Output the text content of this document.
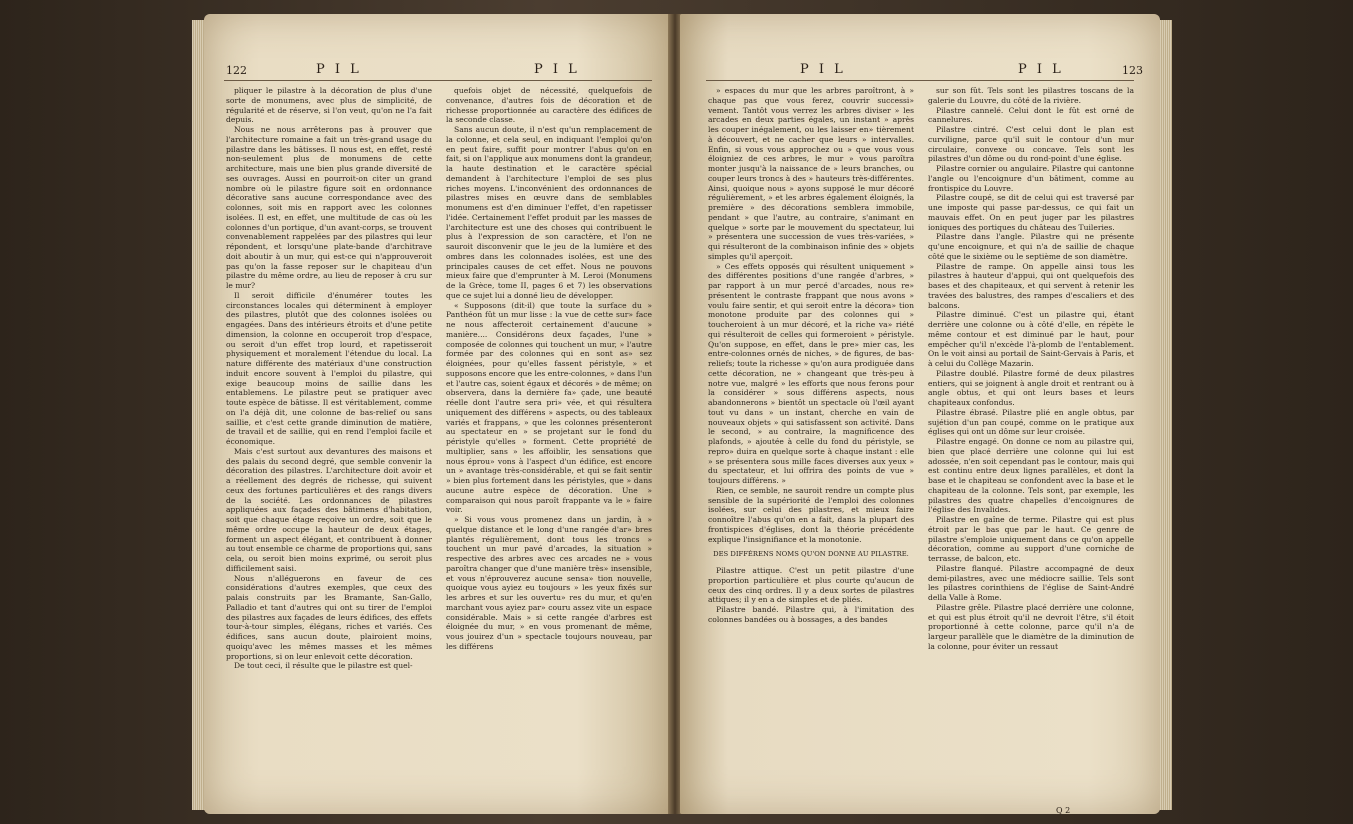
122	P I L	P I L

pliquer le pilastre à la décoration de plus d'une sorte de monumens, avec plus de simplicité, de régularité et de réserve, si l'on veut, qu'on ne l'a fait depuis.

Nous ne nous arrêterons pas à prouver que l'architecture romaine a fait un très-grand usage du pilastre dans les bâtisses. Il nous est, en effet, resté non-seulement plus de monumens de cette architecture, mais une bien plus grande diversité de ses ouvrages. Aussi en pourroit-on citer un grand nombre où le pilastre figure soit en ordonnance décorative sans aucune correspondance avec des colonnes, soit mis en rapport avec les colonnes isolées. Il est, en effet, une multitude de cas où les colonnes d'un portique, d'un avant-corps, se trouvent convenablement rappelées par des pilastres qui leur répondent, et lorsqu'une plate-bande d'architrave doit aboutir à un mur, qui est-ce qui n'approuveroit pas qu'on la fasse reposer sur le chapiteau d'un pilastre du même ordre, au lieu de reposer à cru sur le mur?

Il seroit difficile d'énumérer toutes les circonstances locales qui déterminent à employer des pilastres, plutôt que des colonnes isolées ou engagées. Dans des intérieurs étroits et d'une petite dimension, la colonne en occuperoit trop d'espace, ou seroit d'un effet trop lourd, et rapetisseroit physiquement et moralement l'étendue du local. La nature différente des matériaux d'une construction induit encore souvent à l'emploi du pilastre, qui exige beaucoup moins de saillie dans les entablemens. Le pilastre peut se pratiquer avec toute espèce de bâtisse. Il est véritablement, comme on l'a déjà dit, une colonne de bas-relief ou sans saillie, et c'est cette grande diminution de matière, de travail et de saillie, qui en rend l'emploi facile et économique.

Mais c'est surtout aux devantures des maisons et des palais du second degré, que semble convenir la décoration des pilastres. L'architecture doit avoir et a réellement des degrés de richesse, qui suivent ceux des fortunes particulières et des rangs divers de la société. Les ordonnances de pilastres appliquées aux façades des bâtimens d'habitation, soit que chaque étage reçoive un ordre, soit que le même ordre occupe la hauteur de deux étages, forment un aspect élégant, et contribuent à donner au tout ensemble ce charme de proportions qui, sans cela, ou seroit bien moins exprimé, ou seroit plus difficilement saisi.

Nous n'alléguerons en faveur de ces considérations d'autres exemples, que ceux des palais construits par les Bramante, San-Gallo, Palladio et tant d'autres qui ont su tirer de l'emploi des pilastres aux façades de leurs édifices, des effets tour-à-tour simples, élégans, riches et variés. Ces édifices, sans aucun doute, plairoient moins, quoiqu'avec les mêmes masses et les mêmes proportions, si on leur enlevoit cette décoration.

De tout ceci, il résulte que le pilastre est quel-

quefois objet de nécessité, quelquefois de convenance, d'autres fois de décoration et de richesse proportionnée au caractère des édifices de la seconde classe.

Sans aucun doute, il n'est qu'un remplacement de la colonne, et cela seul, en indiquant l'emploi qu'on en peut faire, suffit pour montrer l'abus qu'on en fait, si on l'applique aux monumens dont la grandeur, la haute destination et le caractère spécial demandent à l'architecture l'emploi de ses plus riches moyens. L'inconvénient des ordonnances de pilastres mises en œuvre dans de semblables monumens est d'en diminuer l'effet, d'en rapetisser l'idée. Certainement l'effet produit par les masses de l'architecture est une des choses qui contribuent le plus à l'expression de son caractère, et l'on ne sauroit disconvenir que le jeu de la lumière et des ombres dans les colonnades isolées, est une des principales causes de cet effet. Nous ne pouvons mieux faire que d'emprunter à M. Leroi (Monumens de la Grèce, tome II, pages 6 et 7) les observations que ce sujet lui a donné lieu de développer.

« Supposons (dit-il) que toute la surface du » Panthéon fût un mur lisse : la vue de cette sur» face ne nous affecteroit certainement d'aucune » manière.... Considérons deux façades, l'une » composée de colonnes qui touchent un mur, » l'autre formée par des colonnes qui en sont as» sez éloignées, pour qu'elles fassent péristyle, » et supposons encore que les entre-colonnes, » dans l'un et l'autre cas, soient égaux et décorés » de même; on observera, dans la dernière fa» çade, une beauté réelle dont l'autre sera pri» vée, et qui résultera uniquement des différens » aspects, ou des tableaux variés et frappans, » que les colonnes présenteront au spectateur en » se projetant sur le fond du péristyle qu'elles » forment. Cette propriété de multiplier, sans » les affoiblir, les sensations que nous éprou» vons à l'aspect d'un édifice, est encore un » avantage très-considérable, et qui se fait sentir » bien plus fortement dans les péristyles, que » dans aucune autre espèce de décoration. Une » comparaison qui nous paroît frappante va le » faire voir.

» Si vous vous promenez dans un jardin, à » quelque distance et le long d'une rangée d'ar» bres plantés régulièrement, dont tous les troncs » touchent un mur pavé d'arcades, la situation » respective des arbres avec ces arcades ne » vous paroîtra changer que d'une manière très» insensible, et vous n'éprouverez aucune sensa» tion nouvelle, quoique vous ayiez eu toujours » les yeux fixés sur les arbres et sur les ouvertu» res du mur, et qu'en marchant vous ayiez par» couru assez vite un espace considérable. Mais » si cette rangée d'arbres est éloignée du mur, » en vous promenant de même, vous jouirez d'un » spectacle toujours nouveau, par les différens

P I L	P I L	123

» espaces du mur que les arbres paroîtront, à » chaque pas que vous ferez, couvrir successi» vement. Tantôt vous verrez les arbres diviser » les arcades en deux parties égales, un instant » après les couper inégalement, ou les laisser en» tièrement à découvert, et ne cacher que leurs » intervalles. Enfin, si vous vous approchez ou » que vous vous éloigniez de ces arbres, le mur » vous paroîtra monter jusqu'à la naissance de » leurs branches, ou couper leurs troncs à des » hauteurs très-différentes. Ainsi, quoique nous » ayons supposé le mur décoré régulièrement, » et les arbres également éloignés, la première » des décorations semblera immobile, pendant » que l'autre, au contraire, s'animant en quelque » sorte par le mouvement du spectateur, lui » présentera une succession de vues très-variées, » qui résulteront de la combinaison infinie des » objets simples qu'il aperçoit.

» Ces effets opposés qui résultent uniquement » des différentes positions d'une rangée d'arbres, » par rapport à un mur percé d'arcades, nous re» présentent le contraste frappant que nous avons » voulu faire sentir, et qui seroit entre la décora» tion monotone produite par des colonnes qui » toucheroient à un mur décoré, et la riche va» riété qui résulteroit de celles qui formeroient » péristyle. Qu'on suppose, en effet, dans le pre» mier cas, les entre-colonnes ornés de niches, » de figures, de bas-reliefs; toute la richesse » qu'on aura prodiguée dans cette décoration, ne » changeant que très-peu à notre vue, malgré » les efforts que nous ferons pour la considérer » sous différens aspects, nous abandonnerons » bientôt un spectacle où l'œil ayant tout vu dans » un instant, cherche en vain de nouveaux objets » qui satisfassent son activité. Dans le second, » au contraire, la magnificence des plafonds, » ajoutée à celle du fond du péristyle, se repro» duira en quelque sorte à chaque instant : elle » se présentera sous mille faces diverses aux yeux » du spectateur, et lui offrira des points de vue » toujours différens. »

Rien, ce semble, ne sauroit rendre un compte plus sensible de la supériorité de l'emploi des colonnes isolées, sur celui des pilastres, et mieux faire connoître l'abus qu'on en a fait, dans la plupart des frontispices d'églises, dont la théorie précédente explique l'insignifiance et la monotonie.

DES DIFFÉRENS NOMS QU'ON DONNE AU PILASTRE.

Pilastre attique. C'est un petit pilastre d'une proportion particulière et plus courte qu'aucun de ceux des cinq ordres. Il y a deux sortes de pilastres attiques; il y en a de simples et de pliés.

Pilastre bandé. Pilastre qui, à l'imitation des colonnes bandées ou à bossages, a des bandes

sur son fût. Tels sont les pilastres toscans de la galerie du Louvre, du côté de la rivière.

Pilastre cannelé. Celui dont le fût est orné de cannelures.

Pilastre cintré. C'est celui dont le plan est curviligne, parce qu'il suit le contour d'un mur circulaire, convexe ou concave. Tels sont les pilastres d'un dôme ou du rond-point d'une église.

Pilastre cornier ou angulaire. Pilastre qui cantonne l'angle ou l'encoignure d'un bâtiment, comme au frontispice du Louvre.

Pilastre coupé, se dit de celui qui est traversé par une imposte qui passe par-dessus, ce qui fait un mauvais effet. On en peut juger par les pilastres ioniques des portiques du château des Tuileries.

Pilastre dans l'angle. Pilastre qui ne présente qu'une encoignure, et qui n'a de saillie de chaque côté que le sixième ou le septième de son diamètre.

Pilastre de rampe. On appelle ainsi tous les pilastres à hauteur d'appui, qui ont quelquefois des bases et des chapiteaux, et qui servent à retenir les travées des balustres, des rampes d'escaliers et des balcons.

Pilastre diminué. C'est un pilastre qui, étant derrière une colonne ou à côté d'elle, en répète le même contour et est diminué par le haut, pour empêcher qu'il n'excède l'à-plomb de l'entablement. On le voit ainsi au portail de Saint-Gervais à Paris, et à celui du Collège Mazarin.

Pilastre doublé. Pilastre formé de deux pilastres entiers, qui se joignent à angle droit et rentrant ou à angle obtus, et qui ont leurs bases et leurs chapiteaux confondus.

Pilastre ébrasé. Pilastre plié en angle obtus, par sujétion d'un pan coupé, comme on le pratique aux églises qui ont un dôme sur leur croisée.

Pilastre engagé. On donne ce nom au pilastre qui, bien que placé derrière une colonne qui lui est adossée, n'en soit cependant pas le contour, mais qui est continu entre deux lignes parallèles, et dont la base et le chapiteau se confondent avec la base et le chapiteau de la colonne. Tels sont, par exemple, les pilastres des quatre chapelles d'encoignures de l'église des Invalides.

Pilastre en gaîne de terme. Pilastre qui est plus étroit par le bas que par le haut. Ce genre de pilastre s'emploie uniquement dans ce qu'on appelle décoration, comme au support d'une corniche de terrasse, de balcon, etc.

Pilastre flanqué. Pilastre accompagné de deux demi-pilastres, avec une médiocre saillie. Tels sont les pilastres corinthiens de l'église de Saint-André della Valle à Rome.

Pilastre grêle. Pilastre placé derrière une colonne, et qui est plus étroit qu'il ne devroit l'être, s'il étoit proportionné à cette colonne, parce qu'il n'a de largeur parallèle que le diamètre de la diminution de la colonne, pour éviter un ressaut

Q 2
